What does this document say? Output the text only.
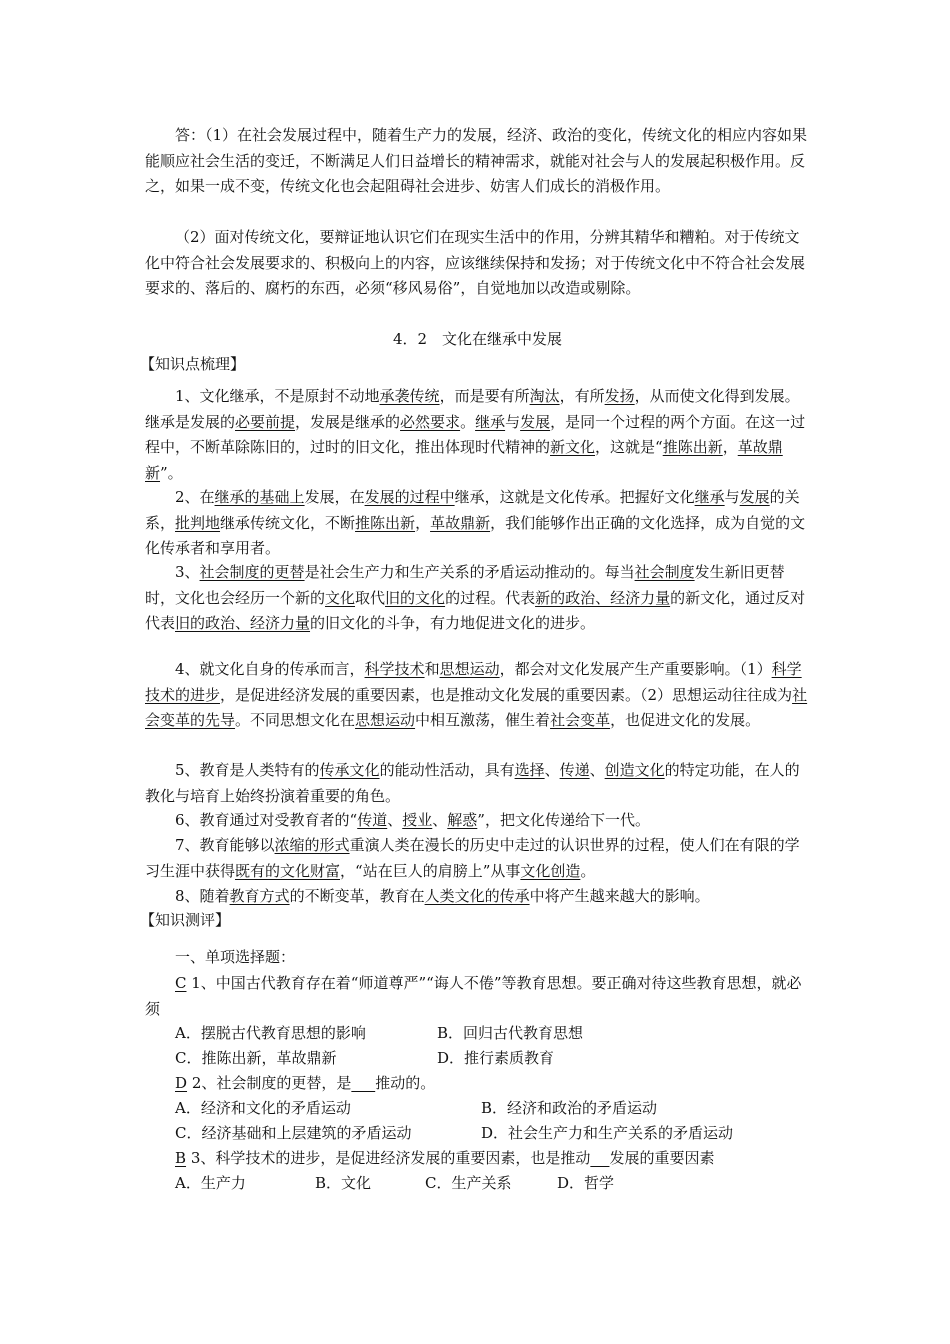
答：（1）在社会发展过程中，随着生产力的发展，经济、政治的变化，传统文化的相应内容如果能顺应社会生活的变迁，不断满足人们日益增长的精神需求，就能对社会与人的发展起积极作用。反之，如果一成不变，传统文化也会起阻碍社会进步、妨害人们成长的消极作用。

（2）面对传统文化，要辩证地认识它们在现实生活中的作用，分辨其精华和糟粕。对于传统文化中符合社会发展要求的、积极向上的内容，应该继续保持和发扬；对于传统文化中不符合社会发展要求的、落后的、腐朽的东西，必须“移风易俗”，自觉地加以改造或剔除。

4．2　文化在继承中发展

【知识点梳理】

1、文化继承，不是原封不动地承袭传统，而是要有所淘汰，有所发扬，从而使文化得到发展。继承是发展的必要前提，发展是继承的必然要求。继承与发展，是同一个过程的两个方面。在这一过程中，不断革除陈旧的，过时的旧文化，推出体现时代精神的新文化，这就是“推陈出新，革故鼎新”。

2、在继承的基础上发展，在发展的过程中继承，这就是文化传承。把握好文化继承与发展的关系，批判地继承传统文化，不断推陈出新，革故鼎新，我们能够作出正确的文化选择，成为自觉的文化传承者和享用者。

3、社会制度的更替是社会生产力和生产关系的矛盾运动推动的。每当社会制度发生新旧更替时，文化也会经历一个新的文化取代旧的文化的过程。代表新的政治、经济力量的新文化，通过反对代表旧的政治、经济力量的旧文化的斗争，有力地促进文化的进步。

4、就文化自身的传承而言，科学技术和思想运动，都会对文化发展产生产重要影响。（1）科学技术的进步，是促进经济发展的重要因素，也是推动文化发展的重要因素。（2）思想运动往往成为社会变革的先导。不同思想文化在思想运动中相互激荡，催生着社会变革，也促进文化的发展。

5、教育是人类特有的传承文化的能动性活动，具有选择、传递、创造文化的特定功能，在人的教化与培育上始终扮演着重要的角色。

6、教育通过对受教育者的“传道、授业、解惑”，把文化传递给下一代。

7、教育能够以浓缩的形式重演人类在漫长的历史中走过的认识世界的过程，使人们在有限的学习生涯中获得既有的文化财富，“站在巨人的肩膀上”从事文化创造。

8、随着教育方式的不断变革，教育在人类文化的传承中将产生越来越大的影响。

【知识测评】

一、单项选择题：

C 1、中国古代教育存在着“师道尊严”“诲人不倦”等教育思想。要正确对待这些教育思想，就必须

A．摆脱古代教育思想的影响	B．回归古代教育思想

C．推陈出新，革故鼎新	D．推行素质教育

D 2、社会制度的更替，是 推动的。

A．经济和文化的矛盾运动	B．经济和政治的矛盾运动

C．经济基础和上层建筑的矛盾运动	D．社会生产力和生产关系的矛盾运动

B 3、科学技术的进步，是促进经济发展的重要因素，也是推动 发展的重要因素

A．生产力	B．文化	C．生产关系	D．哲学
